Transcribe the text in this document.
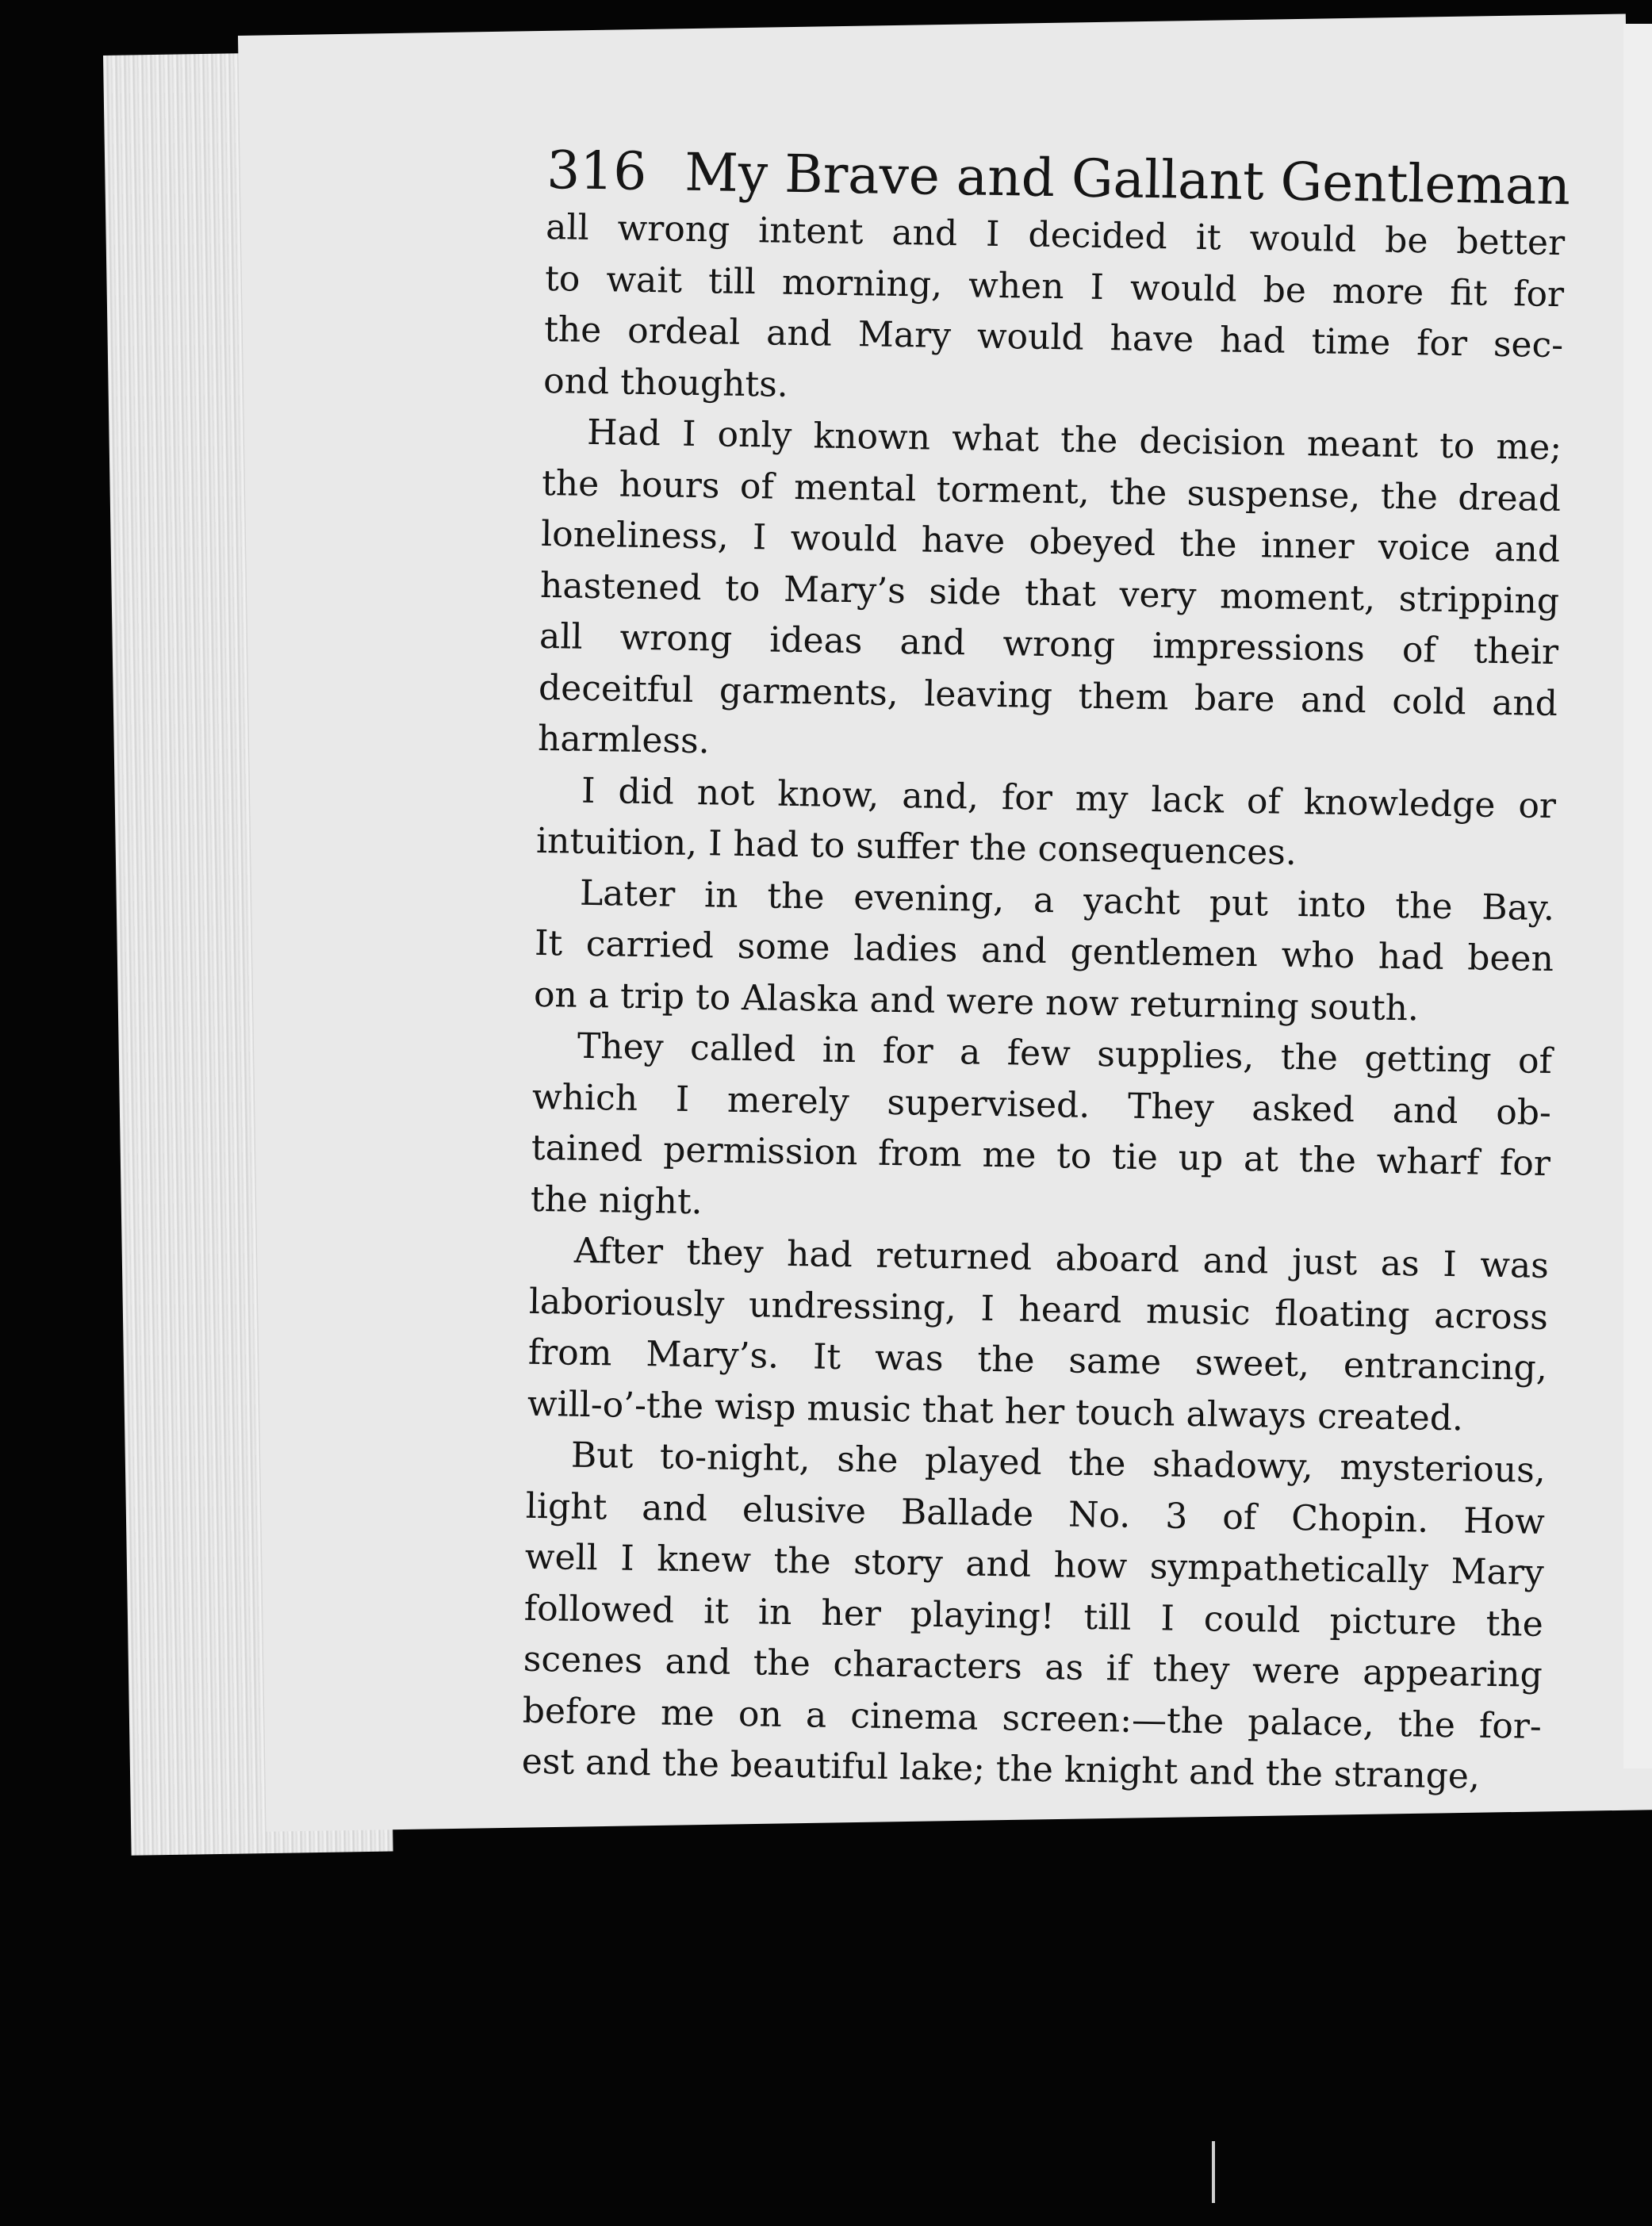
316 My Brave and Gallant Gentleman
all wrong intent and I decided it would be better
to wait till morning, when I would be more fit for
the ordeal and Mary would have had time for sec-
ond thoughts.
Had I only known what the decision meant to me;
the hours of mental torment, the suspense, the dread
loneliness, I would have obeyed the inner voice and
hastened to Mary’s side that very moment, stripping
all wrong ideas and wrong impressions of their
deceitful garments, leaving them bare and cold and
harmless.
I did not know, and, for my lack of knowledge or
intuition, I had to suffer the consequences.
Later in the evening, a yacht put into the Bay.
It carried some ladies and gentlemen who had been
on a trip to Alaska and were now returning south.
They called in for a few supplies, the getting of
which I merely supervised. They asked and ob-
tained permission from me to tie up at the wharf for
the night.
After they had returned aboard and just as I was
laboriously undressing, I heard music floating across
from Mary’s. It was the same sweet, entrancing,
will-o’-the wisp music that her touch always created.
But to-night, she played the shadowy, mysterious,
light and elusive Ballade No. 3 of Chopin. How
well I knew the story and how sympathetically Mary
followed it in her playing! till I could picture the
scenes and the characters as if they were appearing
before me on a cinema screen:—the palace, the for-
est and the beautiful lake; the knight and the strange,
